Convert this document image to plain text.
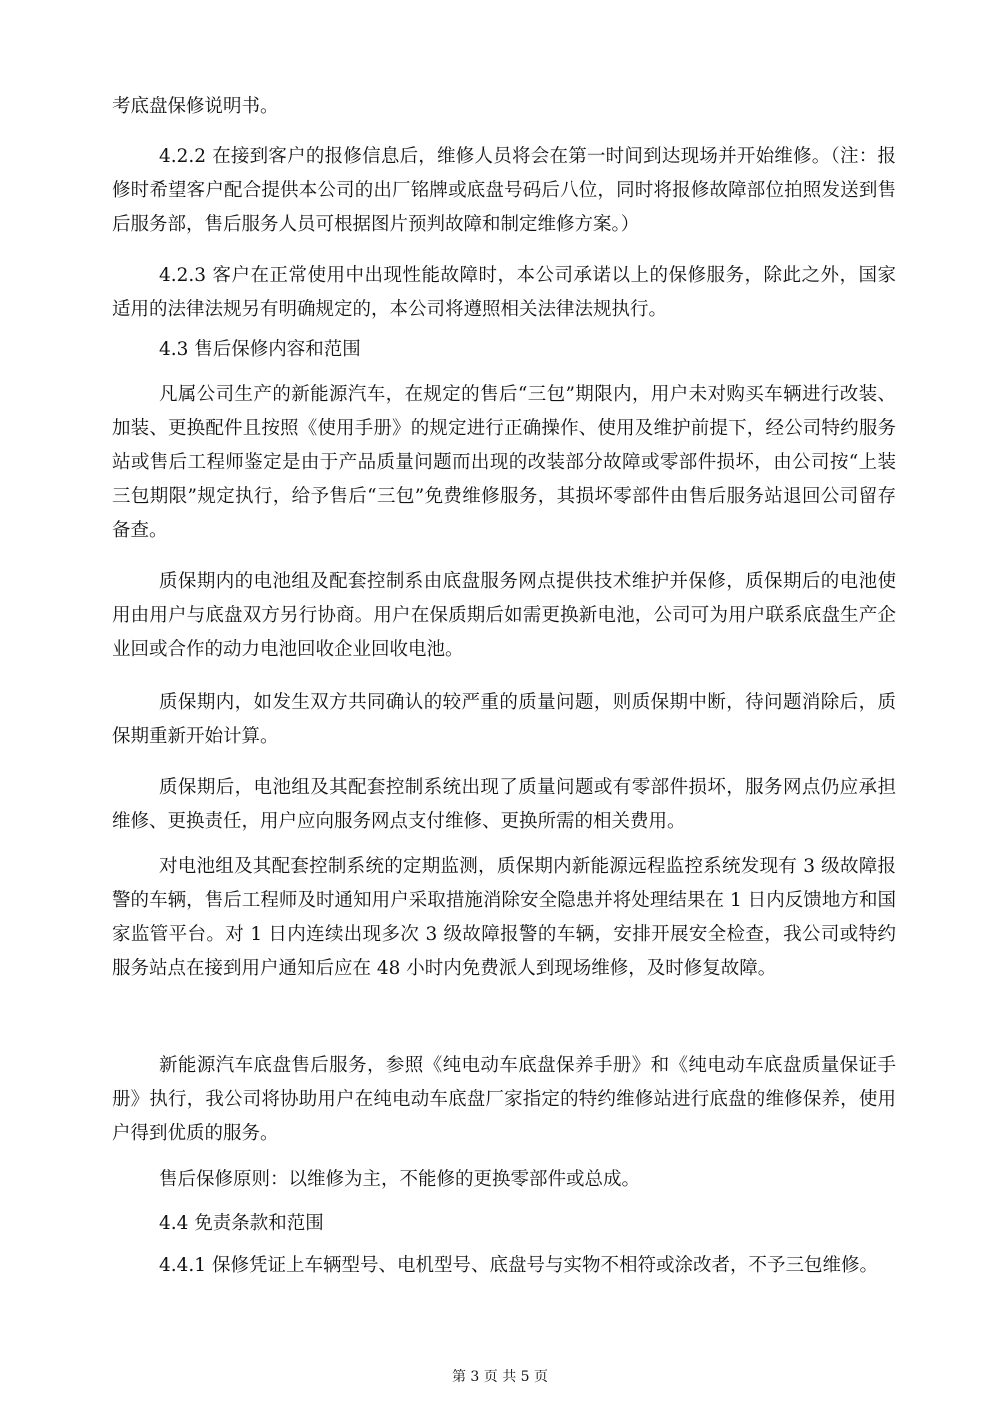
考底盘保修说明书。

4.2.2 在接到客户的报修信息后，维修人员将会在第一时间到达现场并开始维修。（注：报修时希望客户配合提供本公司的出厂铭牌或底盘号码后八位，同时将报修故障部位拍照发送到售后服务部，售后服务人员可根据图片预判故障和制定维修方案。）

4.2.3 客户在正常使用中出现性能故障时，本公司承诺以上的保修服务，除此之外，国家适用的法律法规另有明确规定的，本公司将遵照相关法律法规执行。

4.3 售后保修内容和范围

凡属公司生产的新能源汽车，在规定的售后“三包”期限内，用户未对购买车辆进行改装、加装、更换配件且按照《使用手册》的规定进行正确操作、使用及维护前提下，经公司特约服务站或售后工程师鉴定是由于产品质量问题而出现的改装部分故障或零部件损坏，由公司按“上装三包期限”规定执行，给予售后“三包”免费维修服务，其损坏零部件由售后服务站退回公司留存备查。

质保期内的电池组及配套控制系由底盘服务网点提供技术维护并保修，质保期后的电池使用由用户与底盘双方另行协商。用户在保质期后如需更换新电池，公司可为用户联系底盘生产企业回或合作的动力电池回收企业回收电池。

质保期内，如发生双方共同确认的较严重的质量问题，则质保期中断，待问题消除后，质保期重新开始计算。

质保期后，电池组及其配套控制系统出现了质量问题或有零部件损坏，服务网点仍应承担维修、更换责任，用户应向服务网点支付维修、更换所需的相关费用。

对电池组及其配套控制系统的定期监测，质保期内新能源远程监控系统发现有 3 级故障报警的车辆，售后工程师及时通知用户采取措施消除安全隐患并将处理结果在 1 日内反馈地方和国家监管平台。对 1 日内连续出现多次 3 级故障报警的车辆，安排开展安全检查，我公司或特约服务站点在接到用户通知后应在 48 小时内免费派人到现场维修，及时修复故障。

新能源汽车底盘售后服务，参照《纯电动车底盘保养手册》和《纯电动车底盘质量保证手册》执行，我公司将协助用户在纯电动车底盘厂家指定的特约维修站进行底盘的维修保养，使用户得到优质的服务。

售后保修原则：以维修为主，不能修的更换零部件或总成。

4.4 免责条款和范围

4.4.1 保修凭证上车辆型号、电机型号、底盘号与实物不相符或涂改者，不予三包维修。

第 3 页 共 5 页
